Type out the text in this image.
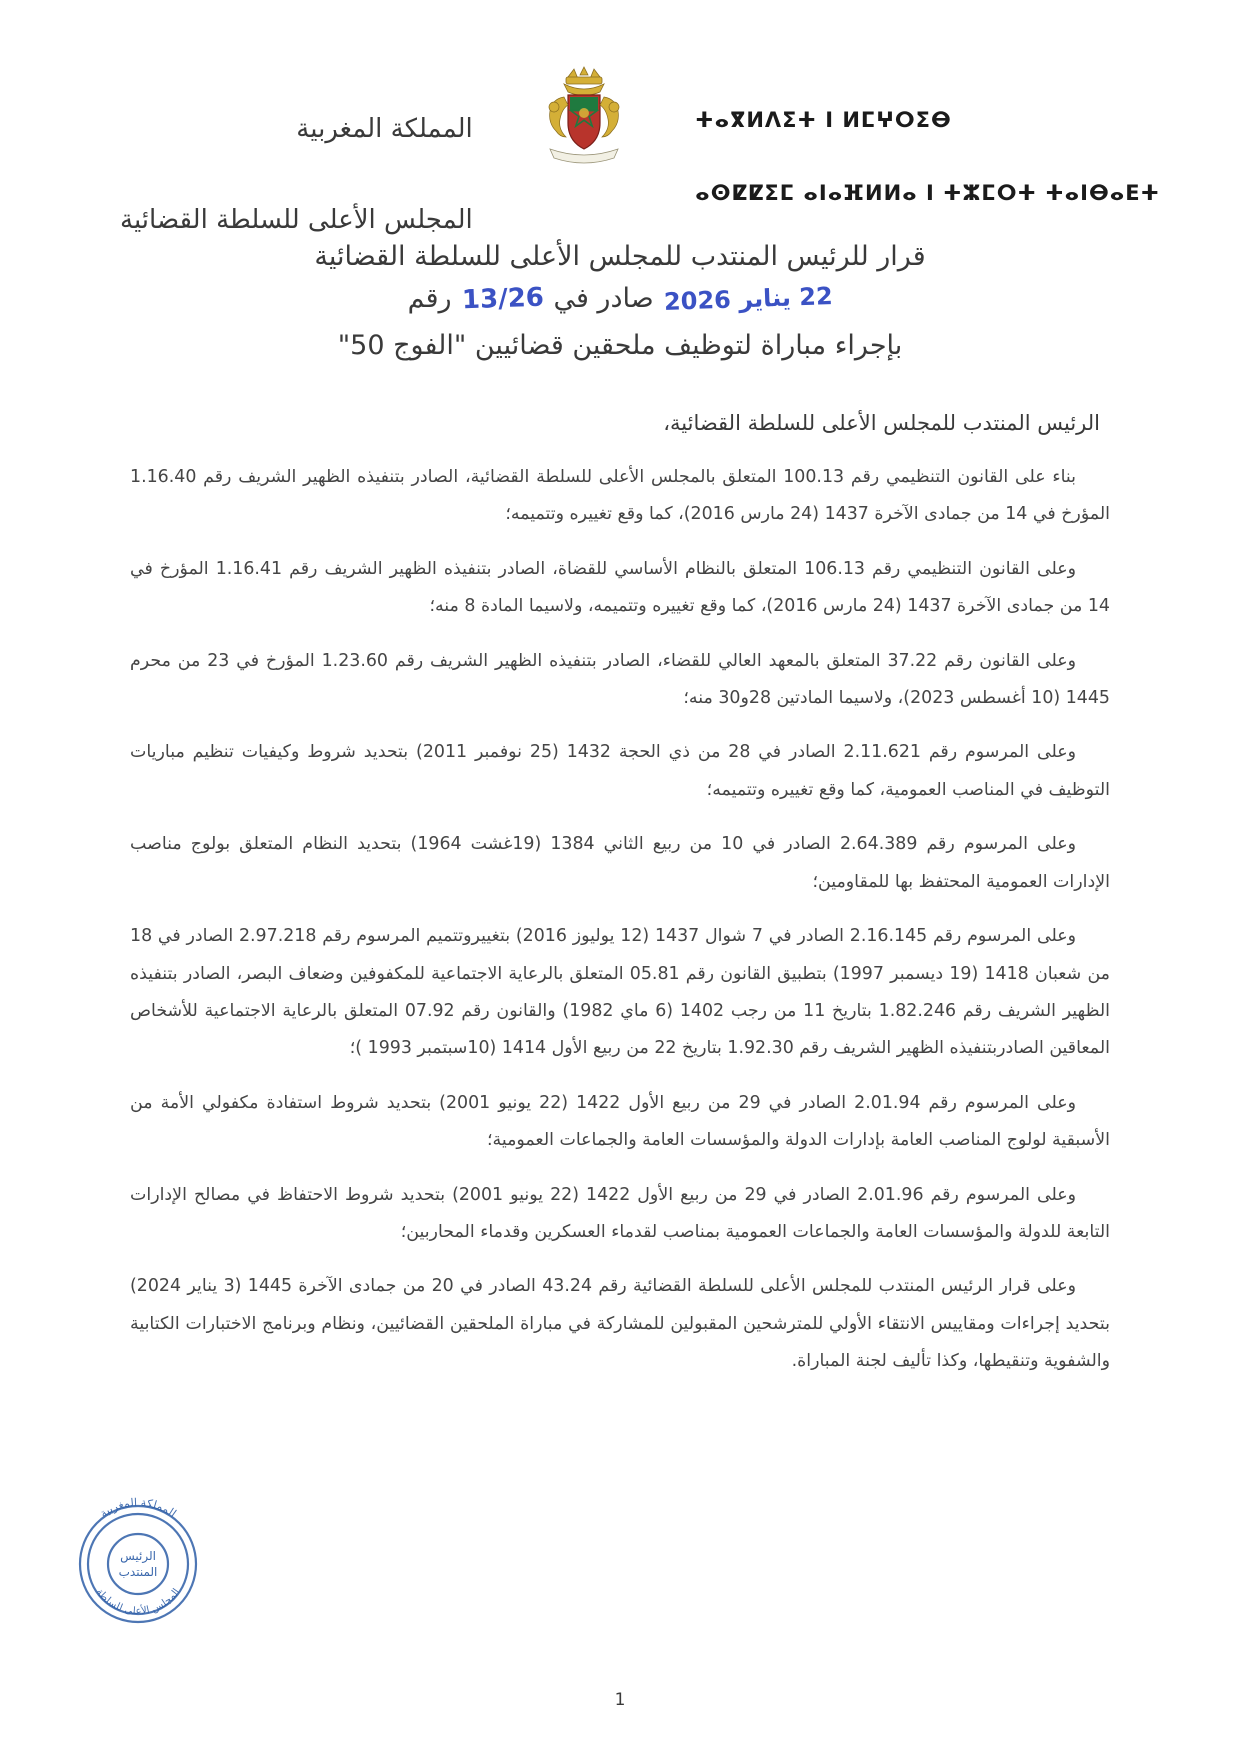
ⵜⴰⴳⵍⴷⵉⵜ ⵏ ⵍⵎⵖⵔⵉⴱ

ⴰⵙⵇⵇⵉⵎ ⴰⵏⴰⴼⵍⵍⴰ ⵏ ⵜⵣⵎⵔⵜ ⵜⴰⵏⴱⴰⴹⵜ

المملكة المغربية

المجلس الأعلى للسلطة القضائية

قرار للرئيس المنتدب للمجلس الأعلى للسلطة القضائية
22 يناير 2026
صادر في
13/26
رقم
بإجراء مباراة لتوظيف ملحقين قضائيين "الفوج 50"
الرئيس المنتدب للمجلس الأعلى للسلطة القضائية،

بناء على القانون التنظيمي رقم 100.13 المتعلق بالمجلس الأعلى للسلطة القضائية، الصادر بتنفيذه الظهير الشريف رقم 1.16.40 المؤرخ في 14 من جمادى الآخرة 1437 (24 مارس 2016)، كما وقع تغييره وتتميمه؛

وعلى القانون التنظيمي رقم 106.13 المتعلق بالنظام الأساسي للقضاة، الصادر بتنفيذه الظهير الشريف رقم 1.16.41 المؤرخ في 14 من جمادى الآخرة 1437 (24 مارس 2016)، كما وقع تغييره وتتميمه، ولاسيما المادة 8 منه؛

وعلى القانون رقم 37.22 المتعلق بالمعهد العالي للقضاء، الصادر بتنفيذه الظهير الشريف رقم 1.23.60 المؤرخ في 23 من محرم 1445 (10 أغسطس 2023)، ولاسيما المادتين 28و30 منه؛

وعلى المرسوم رقم 2.11.621 الصادر في 28 من ذي الحجة 1432 (25 نوفمبر 2011) بتحديد شروط وكيفيات تنظيم مباريات التوظيف في المناصب العمومية، كما وقع تغييره وتتميمه؛

وعلى المرسوم رقم 2.64.389 الصادر في 10 من ربيع الثاني 1384 (19غشت 1964) بتحديد النظام المتعلق بولوج مناصب الإدارات العمومية المحتفظ بها للمقاومين؛

وعلى المرسوم رقم 2.16.145 الصادر في 7 شوال 1437 (12 يوليوز 2016) بتغييروتتميم المرسوم رقم 2.97.218 الصادر في 18 من شعبان 1418 (19 ديسمبر 1997) بتطبيق القانون رقم 05.81 المتعلق بالرعاية الاجتماعية للمكفوفين وضعاف البصر، الصادر بتنفيذه الظهير الشريف رقم 1.82.246 بتاريخ 11 من رجب 1402 (6 ماي 1982) والقانون رقم 07.92 المتعلق بالرعاية الاجتماعية للأشخاص المعاقين الصادربتنفيذه الظهير الشريف رقم 1.92.30 بتاريخ 22 من ربيع الأول 1414 (10سبتمبر 1993 )؛

وعلى المرسوم رقم 2.01.94 الصادر في 29 من ربيع الأول 1422 (22 يونيو 2001) بتحديد شروط استفادة مكفولي الأمة من الأسبقية لولوج المناصب العامة بإدارات الدولة والمؤسسات العامة والجماعات العمومية؛

وعلى المرسوم رقم 2.01.96 الصادر في 29 من ربيع الأول 1422 (22 يونيو 2001) بتحديد شروط الاحتفاظ في مصالح الإدارات التابعة للدولة والمؤسسات العامة والجماعات العمومية بمناصب لقدماء العسكرين وقدماء المحاربين؛

وعلى قرار الرئيس المنتدب للمجلس الأعلى للسلطة القضائية رقم 43.24 الصادر في 20 من جمادى الآخرة 1445 (3 يناير 2024) بتحديد إجراءات ومقاييس الانتقاء الأولي للمترشحين المقبولين للمشاركة في مباراة الملحقين القضائيين، ونظام وبرنامج الاختبارات الكتابية والشفوية وتنقيطها، وكذا تأليف لجنة المباراة.

المملكة المغربية
المجلس الأعلى للسلطة
الرئيس
المنتدب
1
